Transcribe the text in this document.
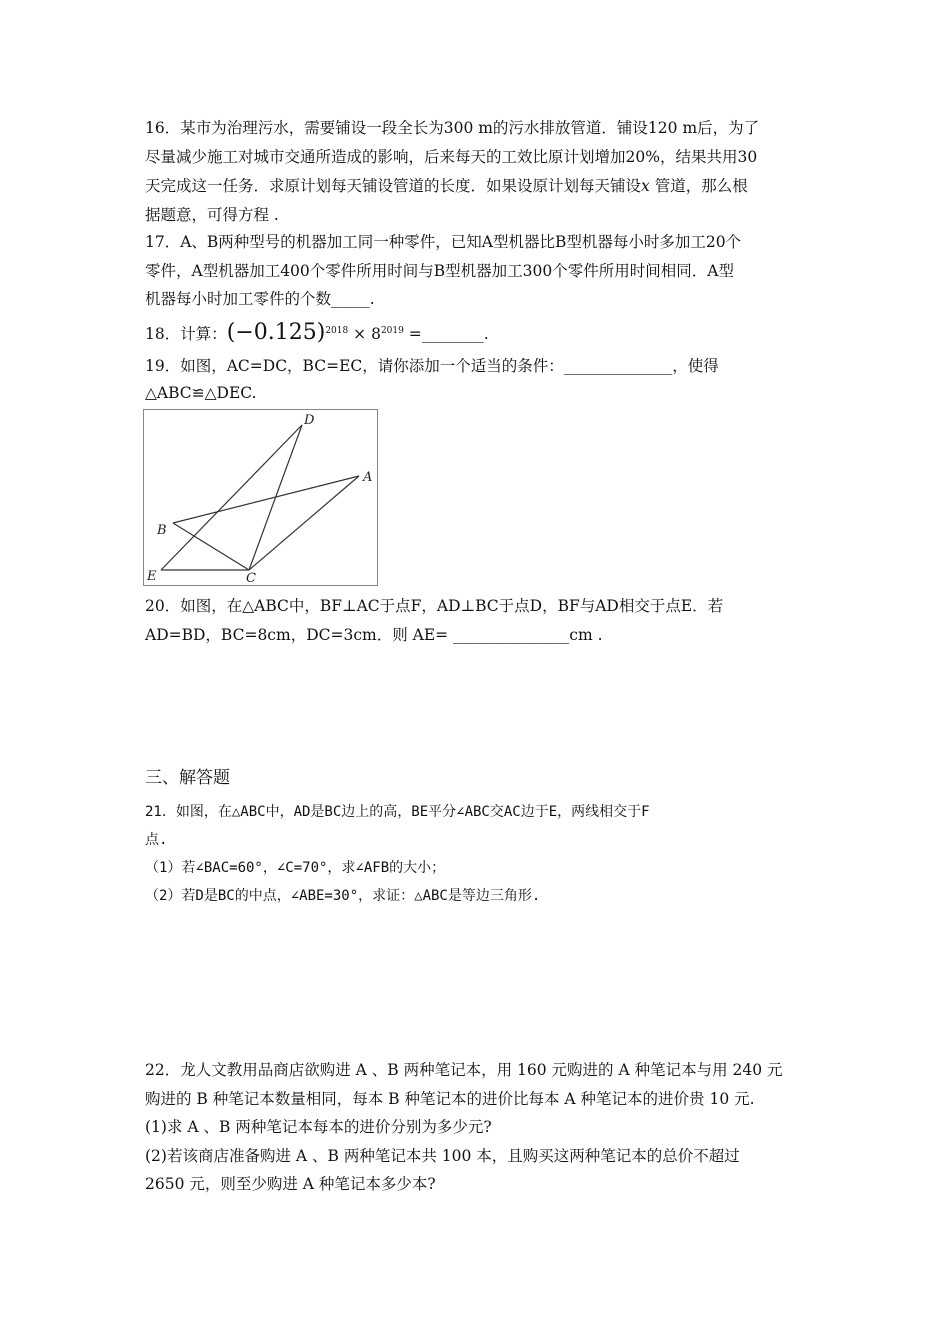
16．某市为治理污水，需要铺设一段全长为300 m的污水排放管道．铺设120 m后，为了
尽量减少施工对城市交通所造成的影响，后来每天的工效比原计划增加20%，结果共用30
天完成这一任务．求原计划每天铺设管道的长度．如果设原计划每天铺设x 管道，那么根
据题意，可得方程 .
17．A、B两种型号的机器加工同一种零件，已知A型机器比B型机器每小时多加工20个
零件，A型机器加工400个零件所用时间与B型机器加工300个零件所用时间相同．A型
机器每小时加工零件的个数_____.
18．计算：$(-0.125)^{2018} \times 8^{2019}$ =________.
19．如图，AC=DC，BC=EC，请你添加一个适当的条件：______________，使得
△ABC≌△DEC.
D
A
B
E	C
20．如图，在△ABC中，BF⊥AC于点F，AD⊥BC于点D，BF与AD相交于点E．若
AD=BD，BC=8cm，DC=3cm．则 AE= _______________cm .
三、解答题
21．如图，在△ABC中，AD是BC边上的高，BE平分∠ABC交AC边于E，两线相交于F
点.
（1）若∠BAC=60°，∠C=70°，求∠AFB的大小；
（2）若D是BC的中点，∠ABE=30°，求证：△ABC是等边三角形.
22．龙人文教用品商店欲购进 A 、B 两种笔记本，用 160 元购进的 A 种笔记本与用 240 元
购进的 B 种笔记本数量相同，每本 B 种笔记本的进价比每本 A 种笔记本的进价贵 10 元.
(1)求 A 、B 两种笔记本每本的进价分别为多少元?
(2)若该商店准备购进 A 、B 两种笔记本共 100 本，且购买这两种笔记本的总价不超过
2650 元，则至少购进 A 种笔记本多少本?
